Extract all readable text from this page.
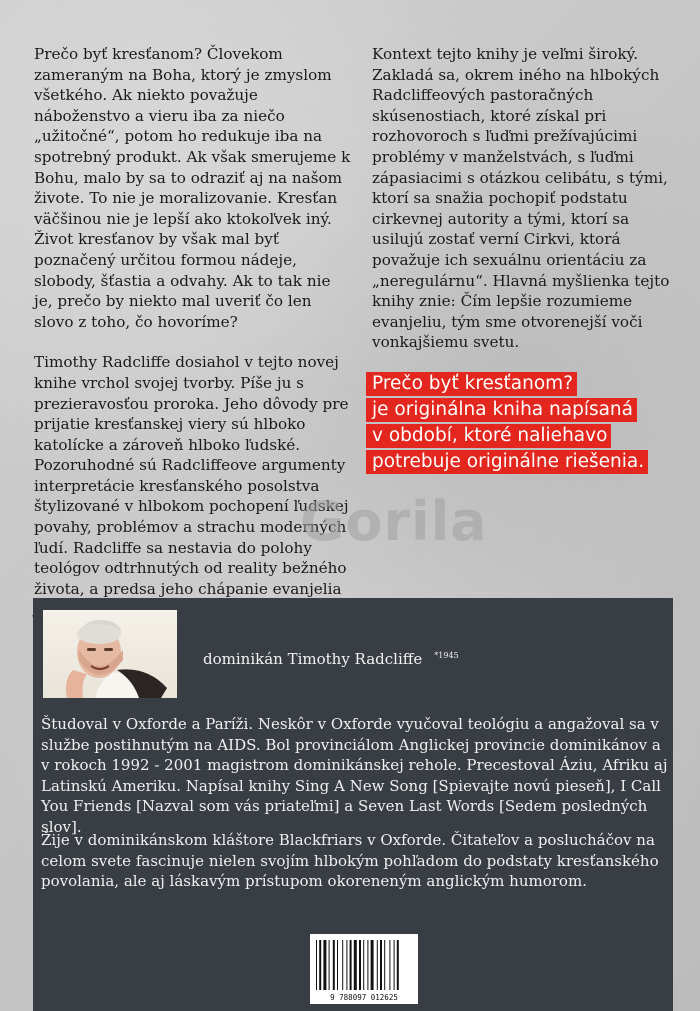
Prečo byť kresťanom? Človekom zameraným na Boha, ktorý je zmyslom všetkého. Ak niekto považuje náboženstvo a vieru iba za niečo „užitočné“, potom ho redukuje iba na spotrebný produkt. Ak však smerujeme k Bohu, malo by sa to odraziť aj na našom živote. To nie je moralizovanie. Kresťan väčšinou nie je lepší ako ktokoľvek iný. Život kresťanov by však mal byť poznačený určitou formou nádeje, slobody, šťastia a odvahy. Ak to tak nie je, prečo by niekto mal uveriť čo len slovo z toho, čo hovoríme?

Timothy Radcliffe dosiahol v tejto novej knihe vrchol svojej tvorby. Píše ju s prezieravosťou proroka. Jeho dôvody pre prijatie kresťanskej viery sú hlboko katolícke a zároveň hlboko ľudské. Pozoruhodné sú Radcliffeove argumenty interpretácie kresťanského posolstva štylizované v hlbokom pochopení ľudskej povahy, problémov a strachu moderných ľudí. Radcliffe sa nestavia do polohy teológov odtrhnutých od reality bežného života, a predsa jeho chápanie evanjelia

Kontext tejto knihy je veľmi široký. Zakladá sa, okrem iného na hlbokých Radcliffeových pastoračných skúsenostiach, ktoré získal pri rozhovoroch s ľuďmi prežívajúcimi problémy v manželstvách, s ľuďmi zápasiacimi s otázkou celibátu, s tými, ktorí sa snažia pochopiť podstatu cirkevnej autority a tými, ktorí sa usilujú zostať verní Cirkvi, ktorá považuje ich sexuálnu orientáciu za „neregulárnu“. Hlavná myšlienka tejto knihy znie: Čím lepšie rozumieme evanjeliu, tým sme otvorenejší voči vonkajšiemu svetu.

Prečo byť kresťanom?
je originálna kniha napísaná
v období, ktoré naliehavo
potrebuje originálne riešenia.
Gorila
dominikán Timothy Radcliffe $^{*1945}$

Študoval v Oxforde a Paríži. Neskôr v Oxforde vyučoval teológiu a angažoval sa v službe postihnutým na AIDS. Bol provinciálom Anglickej provincie dominikánov a v rokoch 1992 - 2001 magistrom dominikánskej rehole. Precestoval Áziu, Afriku aj Latinskú Ameriku. Napísal knihy Sing A New Song [Spievajte novú pieseň], I Call You Friends [Nazval som vás priateľmi] a Seven Last Words [Sedem posledných slov].

Žije v dominikánskom kláštore Blackfriars v Oxforde. Čitateľov a poslucháčov na celom svete fascinuje nielen svojím hlbokým pohľadom do podstaty kresťanského povolania, ale aj láskavým prístupom okoreneným anglickým humorom.

9 788097 012625
